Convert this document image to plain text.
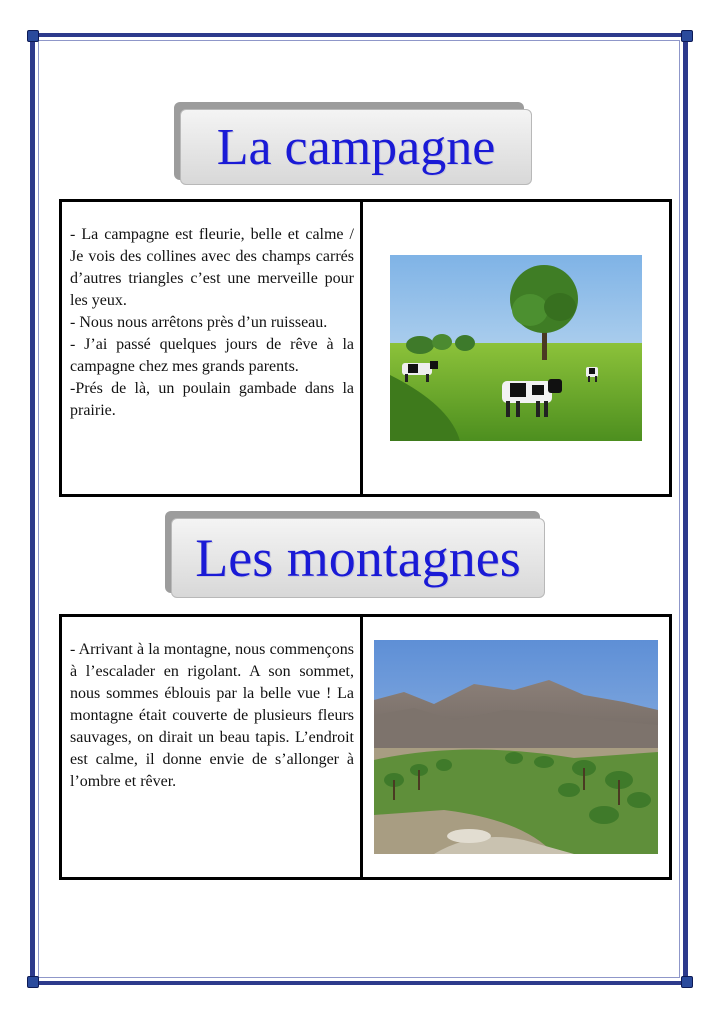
La campagne

- La campagne est fleurie, belle et calme / Je vois des collines avec des champs carrés d’autres triangles c’est une merveille pour les yeux.

- Nous nous arrêtons près d’un ruisseau.

- J’ai passé quelques jours de rêve à la campagne chez mes grands parents.

-Prés de là, un poulain gambade dans la prairie.

Les montagnes

- Arrivant à la montagne, nous commençons à l’escalader en rigolant. A son sommet, nous sommes éblouis par la belle vue ! La montagne était couverte de plusieurs fleurs sauvages, on dirait un beau tapis. L’endroit est calme, il donne envie de s’allonger à l’ombre et rêver.
